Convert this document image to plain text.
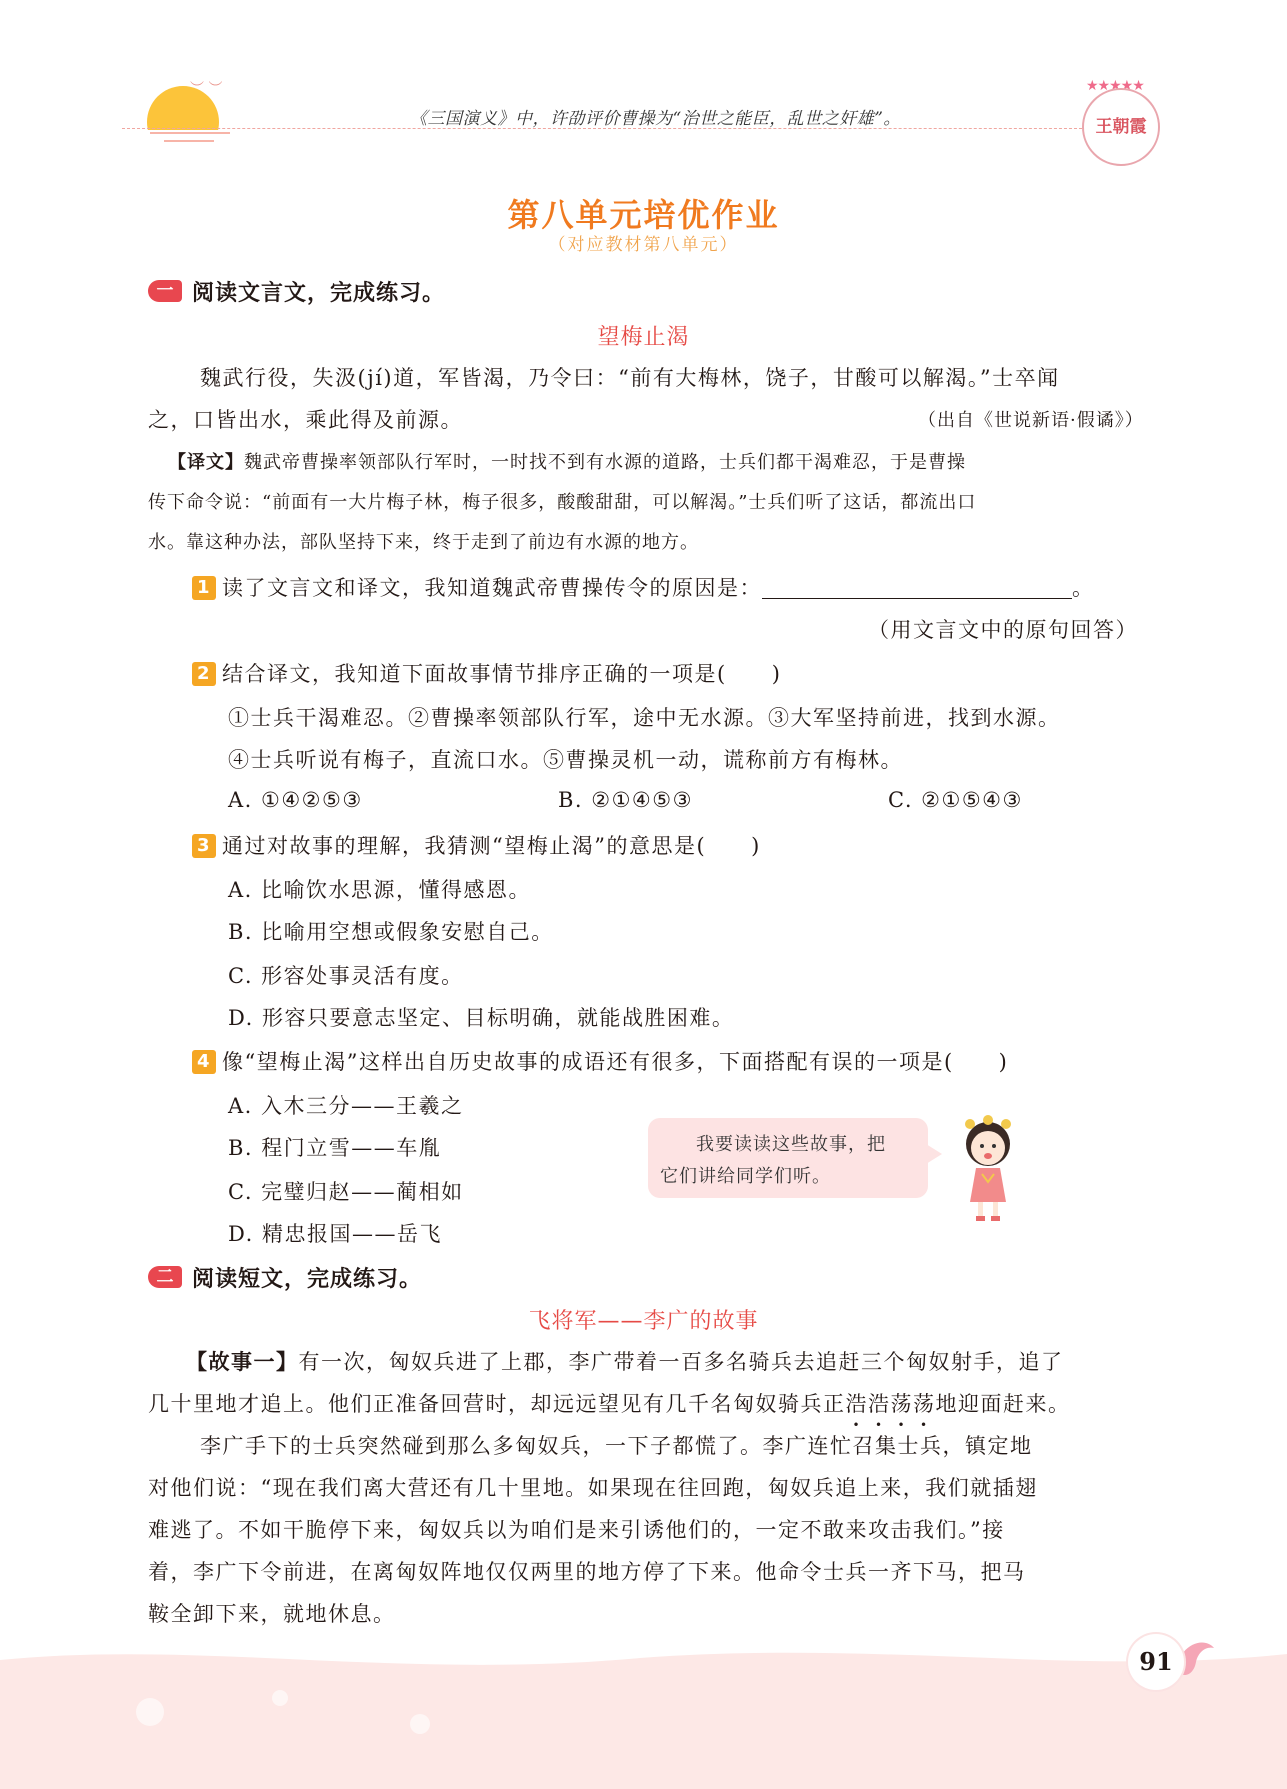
︶ ︶
《三国演义》中，许劭评价曹操为“治世之能臣，乱世之奸雄”。
★★★★★
王朝霞
第八单元培优作业
（对应教材第八单元）
一 阅读文言文，完成练习。
望梅止渴
魏武行役，失汲(jí)道，军皆渴，乃令曰：“前有大梅林，饶子，甘酸可以解渴。”士卒闻
之，口皆出水，乘此得及前源。	（出自《世说新语·假谲》）
【译文】魏武帝曹操率领部队行军时，一时找不到有水源的道路，士兵们都干渴难忍，于是曹操
传下命令说：“前面有一大片梅子林，梅子很多，酸酸甜甜，可以解渴。”士兵们听了这话，都流出口
水。靠这种办法，部队坚持下来，终于走到了前边有水源的地方。
1 读了文言文和译文，我知道魏武帝曹操传令的原因是：	。
（用文言文中的原句回答）
2 结合译文，我知道下面故事情节排序正确的一项是(　　)
①士兵干渴难忍。②曹操率领部队行军，途中无水源。③大军坚持前进，找到水源。
④士兵听说有梅子，直流口水。⑤曹操灵机一动，谎称前方有梅林。
A. ①④②⑤③	B. ②①④⑤③	C. ②①⑤④③
3 通过对故事的理解，我猜测“望梅止渴”的意思是(　　)
A. 比喻饮水思源，懂得感恩。
B. 比喻用空想或假象安慰自己。
C. 形容处事灵活有度。
D. 形容只要意志坚定、目标明确，就能战胜困难。
4 像“望梅止渴”这样出自历史故事的成语还有很多，下面搭配有误的一项是(　　)
A. 入木三分——王羲之
B. 程门立雪——车胤
C. 完璧归赵——蔺相如
D. 精忠报国——岳飞
我要读读这些故事，把
它们讲给同学们听。
二 阅读短文，完成练习。
飞将军——李广的故事
【故事一】有一次，匈奴兵进了上郡，李广带着一百多名骑兵去追赶三个匈奴射手，追了
几十里地才追上。他们正准备回营时，却远远望见有几千名匈奴骑兵正浩浩荡荡地迎面赶来。
李广手下的士兵突然碰到那么多匈奴兵，一下子都慌了。李广连忙召集士兵，镇定地
对他们说：“现在我们离大营还有几十里地。如果现在往回跑，匈奴兵追上来，我们就插翅
难逃了。不如干脆停下来，匈奴兵以为咱们是来引诱他们的，一定不敢来攻击我们。”接
着，李广下令前进，在离匈奴阵地仅仅两里的地方停了下来。他命令士兵一齐下马，把马
鞍全卸下来，就地休息。
91
